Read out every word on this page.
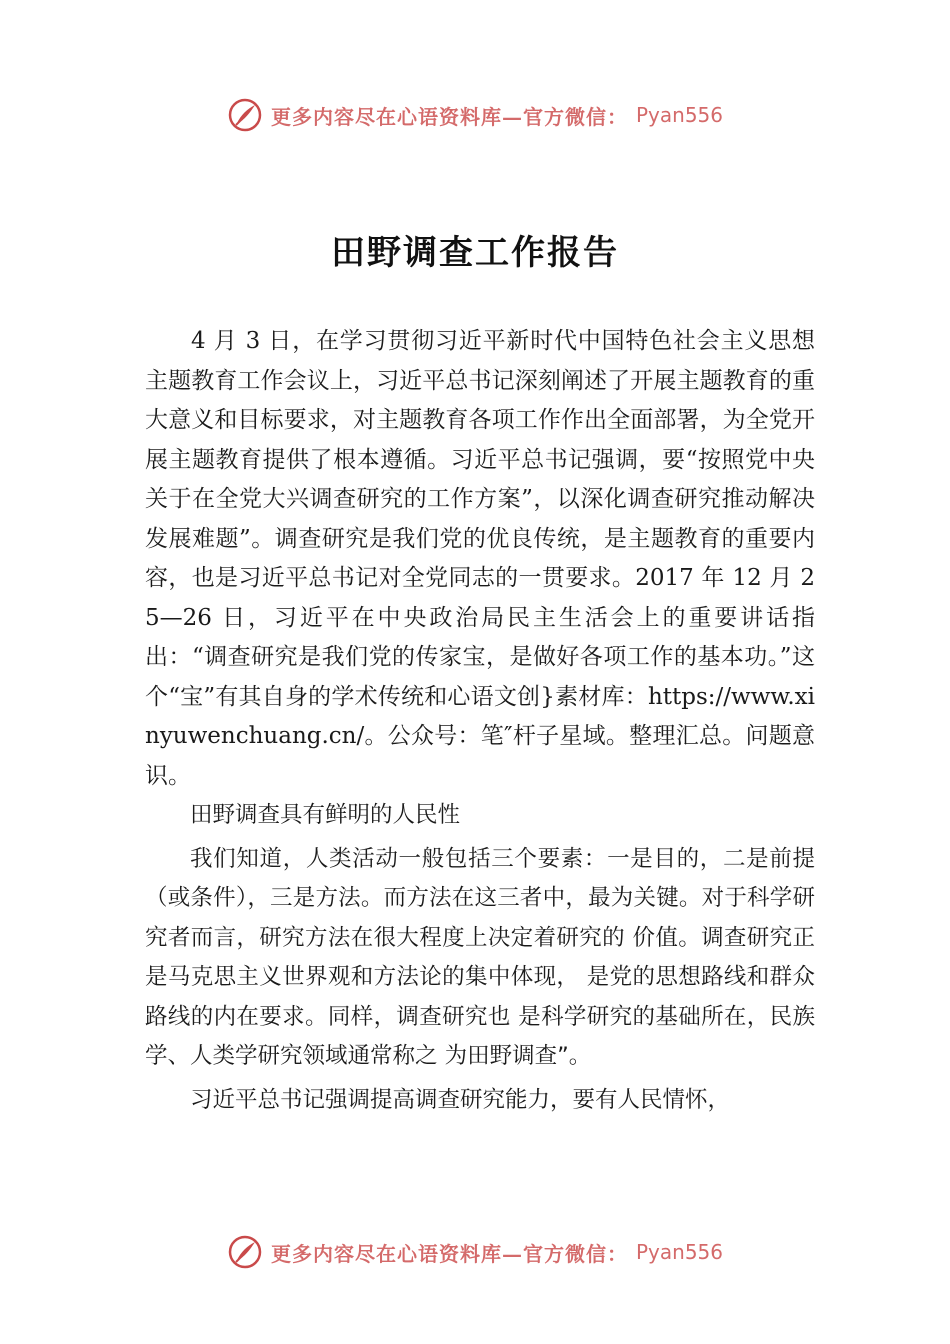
更多内容尽在心语资料库—官方微信： Pyan556
田野调查工作报告

4 月 3 日，在学习贯彻习近平新时代中国特色社会主义思想主题教育工作会议上，习近平总书记深刻阐述了开展主题教育的重大意义和目标要求，对主题教育各项工作作出全面部署，为全党开展主题教育提供了根本遵循。习近平总书记强调，要“按照党中央关于在全党大兴调查研究的工作方案”，以深化调查研究推动解决发展难题”。调查研究是我们党的优良传统，是主题教育的重要内容，也是习近平总书记对全党同志的一贯要求。2017 年 12 月 25—26 日，习近平在中央政治局民主生活会上的重要讲话指出：“调查研究是我们党的传家宝，是做好各项工作的基本功。”这个“宝”有其自身的学术传统和心语文创}素材库：https://www.xinyuwenchuang.cn/。公众号：笔″杆子星域。整理汇总。问题意识。

田野调查具有鲜明的人民性

我们知道，人类活动一般包括三个要素：一是目的，二是前提（或条件），三是方法。而方法在这三者中，最为关键。对于科学研究者而言，研究方法在很大程度上决定着研究的 价值。调查研究正是马克思主义世界观和方法论的集中体现， 是党的思想路线和群众路线的内在要求。同样，调查研究也 是科学研究的基础所在，民族学、人类学研究领域通常称之 为田野调查”。

习近平总书记强调提高调查研究能力，要有人民情怀，

更多内容尽在心语资料库—官方微信： Pyan556
